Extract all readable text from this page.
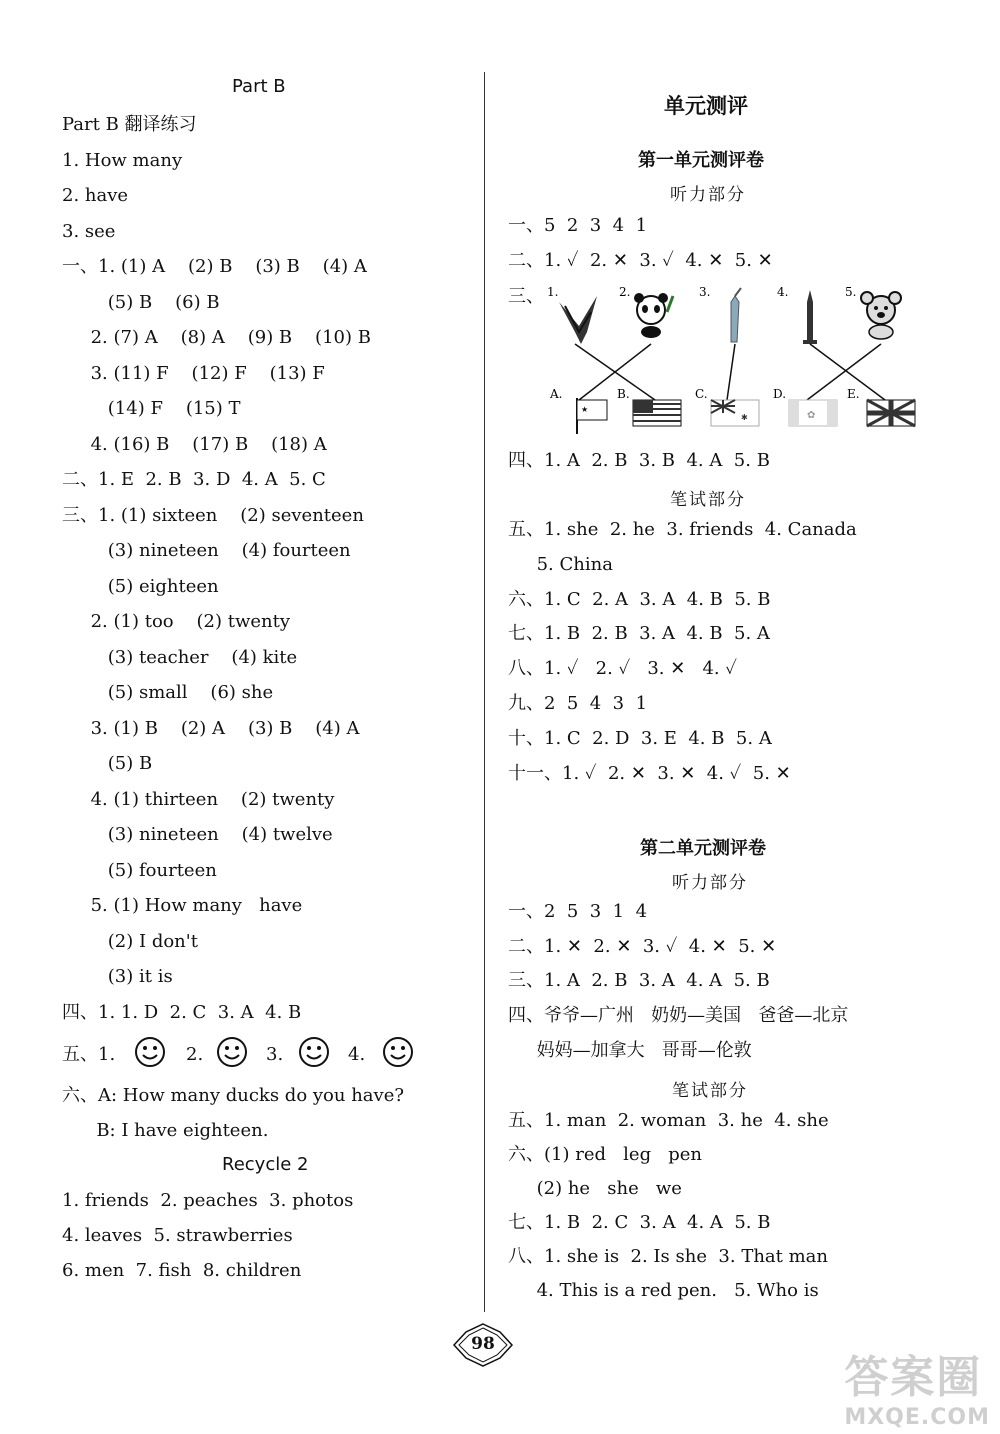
Part B
Part B 翻译练习
1. How many
2. have
3. see
一、1. (1) A    (2) B    (3) B    (4) A
(5) B    (6) B
2. (7) A    (8) A    (9) B    (10) B
3. (11) F    (12) F    (13) F
(14) F    (15) T
4. (16) B    (17) B    (18) A
二、1. E  2. B  3. D  4. A  5. C
三、1. (1) sixteen    (2) seventeen
(3) nineteen    (4) fourteen
(5) eighteen
2. (1) too    (2) twenty
(3) teacher    (4) kite
(5) small    (6) she
3. (1) B    (2) A    (3) B    (4) A
(5) B
4. (1) thirteen    (2) twenty
(3) nineteen    (4) twelve
(5) fourteen
5. (1) How many   have
(2) I don't
(3) it is
四、1. 1. D  2. C  3. A  4. B
五、1.	2.	3.	4.
六、A: How many ducks do you have?
B: I have eighteen.
Recycle 2
1. friends  2. peaches  3. photos
4. leaves  5. strawberries
6. men  7. fish  8. children
单元测评
第一单元测评卷
听力部分
一、5  2  3  4  1
二、1. ✓  2. ✕  3. ✓  4. ✕  5. ✕
三、 1.	2.	3.	4.	5.
A.	B.	C.	D.	E.
★
✱	✿
四、1. A  2. B  3. B  4. A  5. B
笔试部分
五、1. she  2. he  3. friends  4. Canada
5. China
六、1. C  2. A  3. A  4. B  5. B
七、1. B  2. B  3. A  4. B  5. A
八、1. ✓   2. ✓   3. ✕   4. ✓
九、2  5  4  3  1
十、1. C  2. D  3. E  4. B  5. A
十一、1. ✓  2. ✕  3. ✕  4. ✓  5. ✕
第二单元测评卷
听力部分
一、2  5  3  1  4
二、1. ✕  2. ✕  3. ✓  4. ✕  5. ✕
三、1. A  2. B  3. A  4. A  5. B
四、爷爷—广州   奶奶—美国   爸爸—北京
妈妈—加拿大   哥哥—伦敦
笔试部分
五、1. man  2. woman  3. he  4. she
六、(1) red   leg   pen
(2) he   she   we
七、1. B  2. C  3. A  4. A  5. B
八、1. she is  2. Is she  3. That man
4. This is a red pen.   5. Who is
98
答案圈
MXQE.COM
